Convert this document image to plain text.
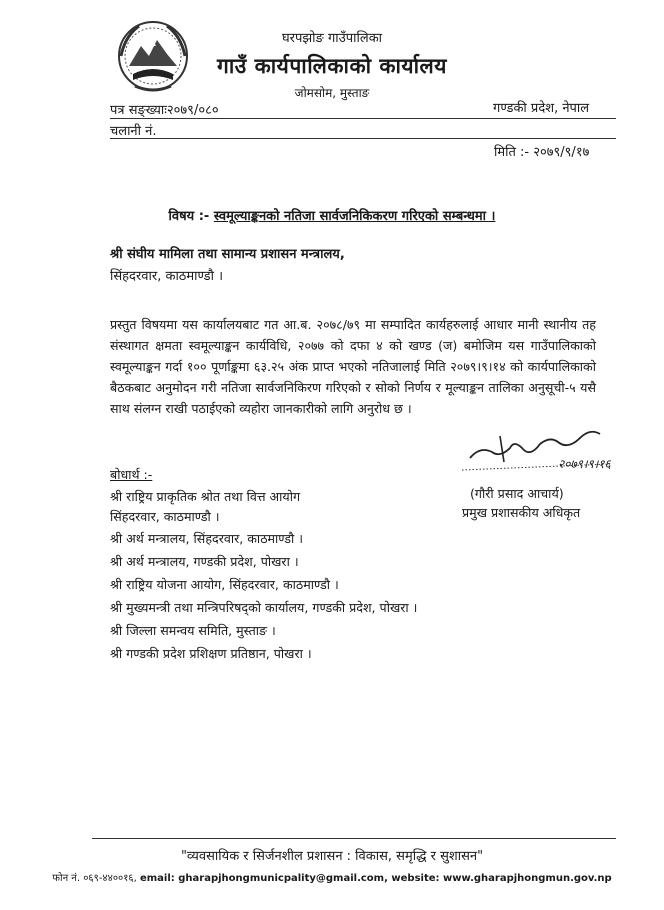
घरपझोङ गाउँपालिका
गाउँ कार्यपालिकाको कार्यालय
जोमसोम, मुस्ताङ
पत्र सङ्ख्याः२०७९/०८०	गण्डकी प्रदेश, नेपाल
चलानी नं.
मिति :- २०७९/९/१७
विषय :- स्वमूल्याङ्कनको नतिजा सार्वजनिकिकरण गरिएको सम्बन्धमा ।
श्री संघीय मामिला तथा सामान्य प्रशासन मन्त्रालय,
सिंहदरवार, काठमाण्डौ ।
प्रस्तुत विषयमा यस कार्यालयबाट गत आ.ब. २०७८/७९ मा सम्पादित कार्यहरुलाई आधार मानी स्थानीय तह संस्थागत क्षमता स्वमूल्याङ्कन कार्यविधि, २०७७ को दफा ४ को खण्ड (ज) बमोजिम यस गाउँपालिकाको स्वमूल्याङ्कन गर्दा १०० पूर्णाङ्कमा ६३.२५ अंक प्राप्त भएको नतिजालाई मिति २०७९।९।१४ को कार्यपालिकाको बैठकबाट अनुमोदन गरी नतिजा सार्वजनिकिरण गरिएको र सोको निर्णय र मूल्याङ्कन तालिका अनुसूची-५ यसै साथ संलग्न राखी पठाईएको व्यहोरा जानकारीको लागि अनुरोध छ ।
२०७९।९।१६
(गौरी प्रसाद आचार्य)
प्रमुख प्रशासकीय अधिकृत
बोधार्थ :-
श्री राष्ट्रिय प्राकृतिक श्रोत तथा वित्त आयोग
सिंहदरवार, काठमाण्डौ ।
श्री अर्थ मन्त्रालय, सिंहदरवार, काठमाण्डौ ।
श्री अर्थ मन्त्रालय, गण्डकी प्रदेश, पोखरा ।
श्री राष्ट्रिय योजना आयोग, सिंहदरवार, काठमाण्डौ ।
श्री मुख्यमन्त्री तथा मन्त्रिपरिषद्को कार्यालय, गण्डकी प्रदेश, पोखरा ।
श्री जिल्ला समन्वय समिति, मुस्ताङ ।
श्री गण्डकी प्रदेश प्रशिक्षण प्रतिष्ठान, पोखरा ।
"व्यवसायिक र सिर्जनशील प्रशासन : विकास, समृद्धि र सुशासन"
फोन नं. ०६९-४४००१६, email: gharapjhongmunicpality@gmail.com, website: www.gharapjhongmun.gov.np
